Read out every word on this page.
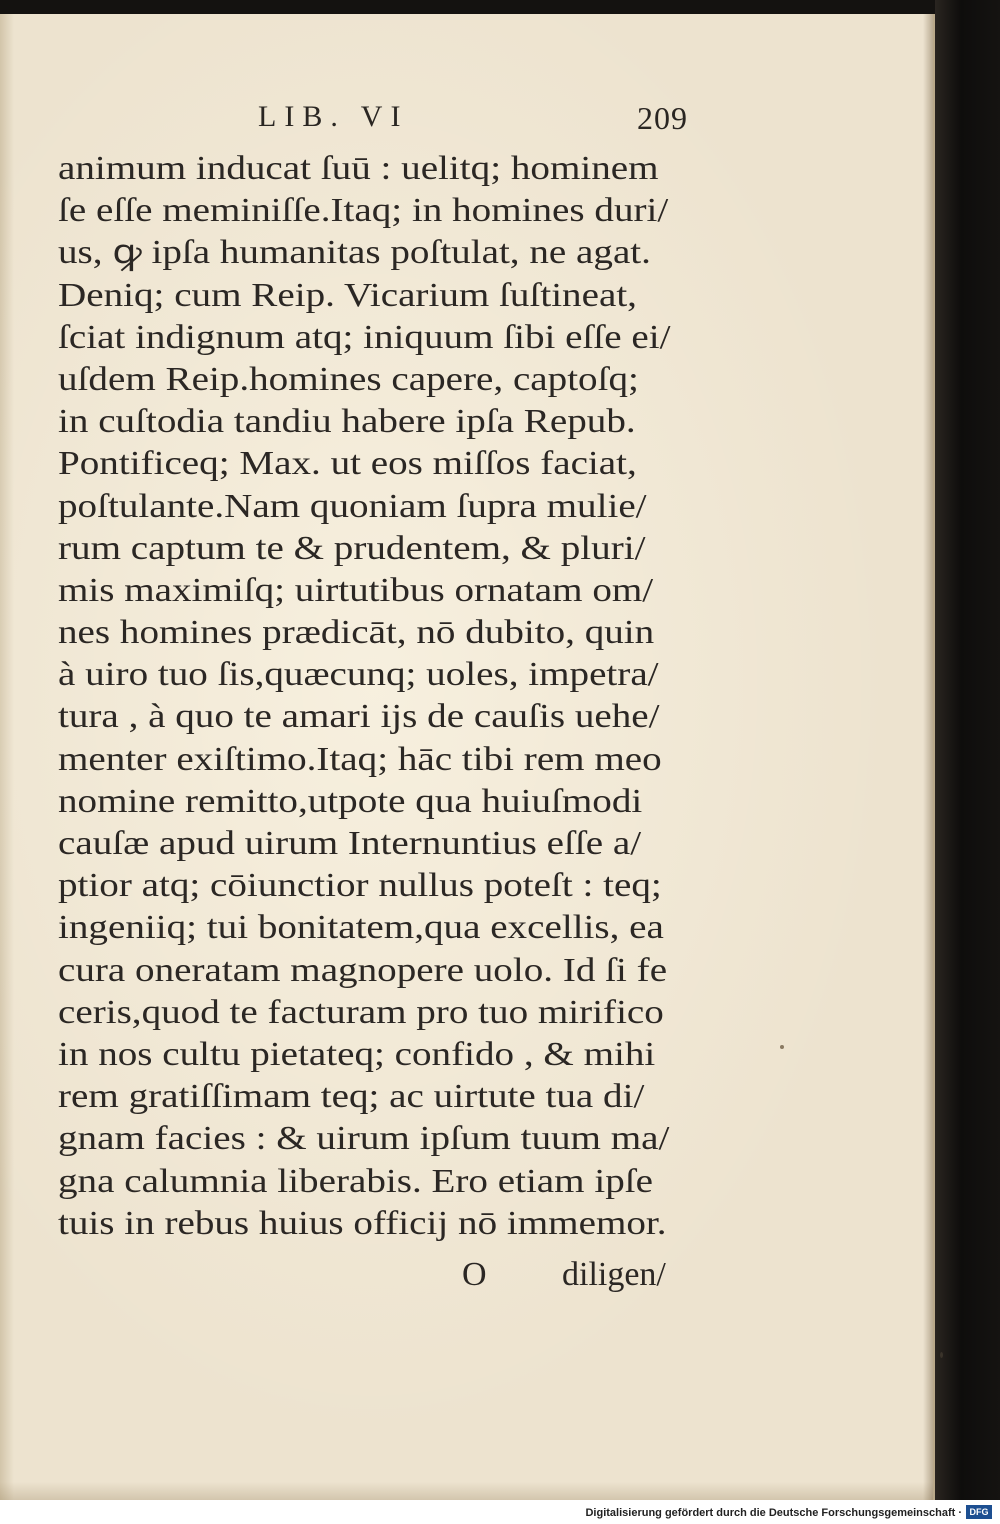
LIB. VI	209
animum inducat ſuū : uelitq; hominem
ſe eſſe meminiſſe.Itaq; in homines duri/
us, ꝙ ipſa humanitas poſtulat, ne agat.
Deniq; cum Reip. Vicarium ſuſtineat,
ſciat indignum atq; iniquum ſibi eſſe ei/
uſdem Reip.homines capere, captoſq;
in cuſtodia tandiu habere ipſa Repub.
Pontificeq; Max. ut eos miſſos faciat,
poſtulante.Nam quoniam ſupra mulie/
rum captum te & prudentem, & pluri/
mis maximiſq; uirtutibus ornatam om/
nes homines prædicāt, nō dubito, quin
à uiro tuo ſis,quæcunq; uoles, impetra/
tura , à quo te amari ijs de cauſis uehe/
menter exiſtimo.Itaq; hāc tibi rem meo
nomine remitto,utpote qua huiuſmodi
cauſæ apud uirum Internuntius eſſe a/
ptior atq; cōiunctior nullus poteſt : teq;
ingeniiq; tui bonitatem,qua excellis, ea
cura oneratam magnopere uolo. Id ſi fe
ceris,quod te facturam pro tuo mirifico
in nos cultu pietateq; confido , & mihi
rem gratiſſimam teq; ac uirtute tua di/
gnam facies : & uirum ipſum tuum ma/
gna calumnia liberabis. Ero etiam ipſe
tuis in rebus huius officij nō immemor.
O diligen/
Digitalisierung gefördert durch die Deutsche Forschungsgemeinschaft · DFG
